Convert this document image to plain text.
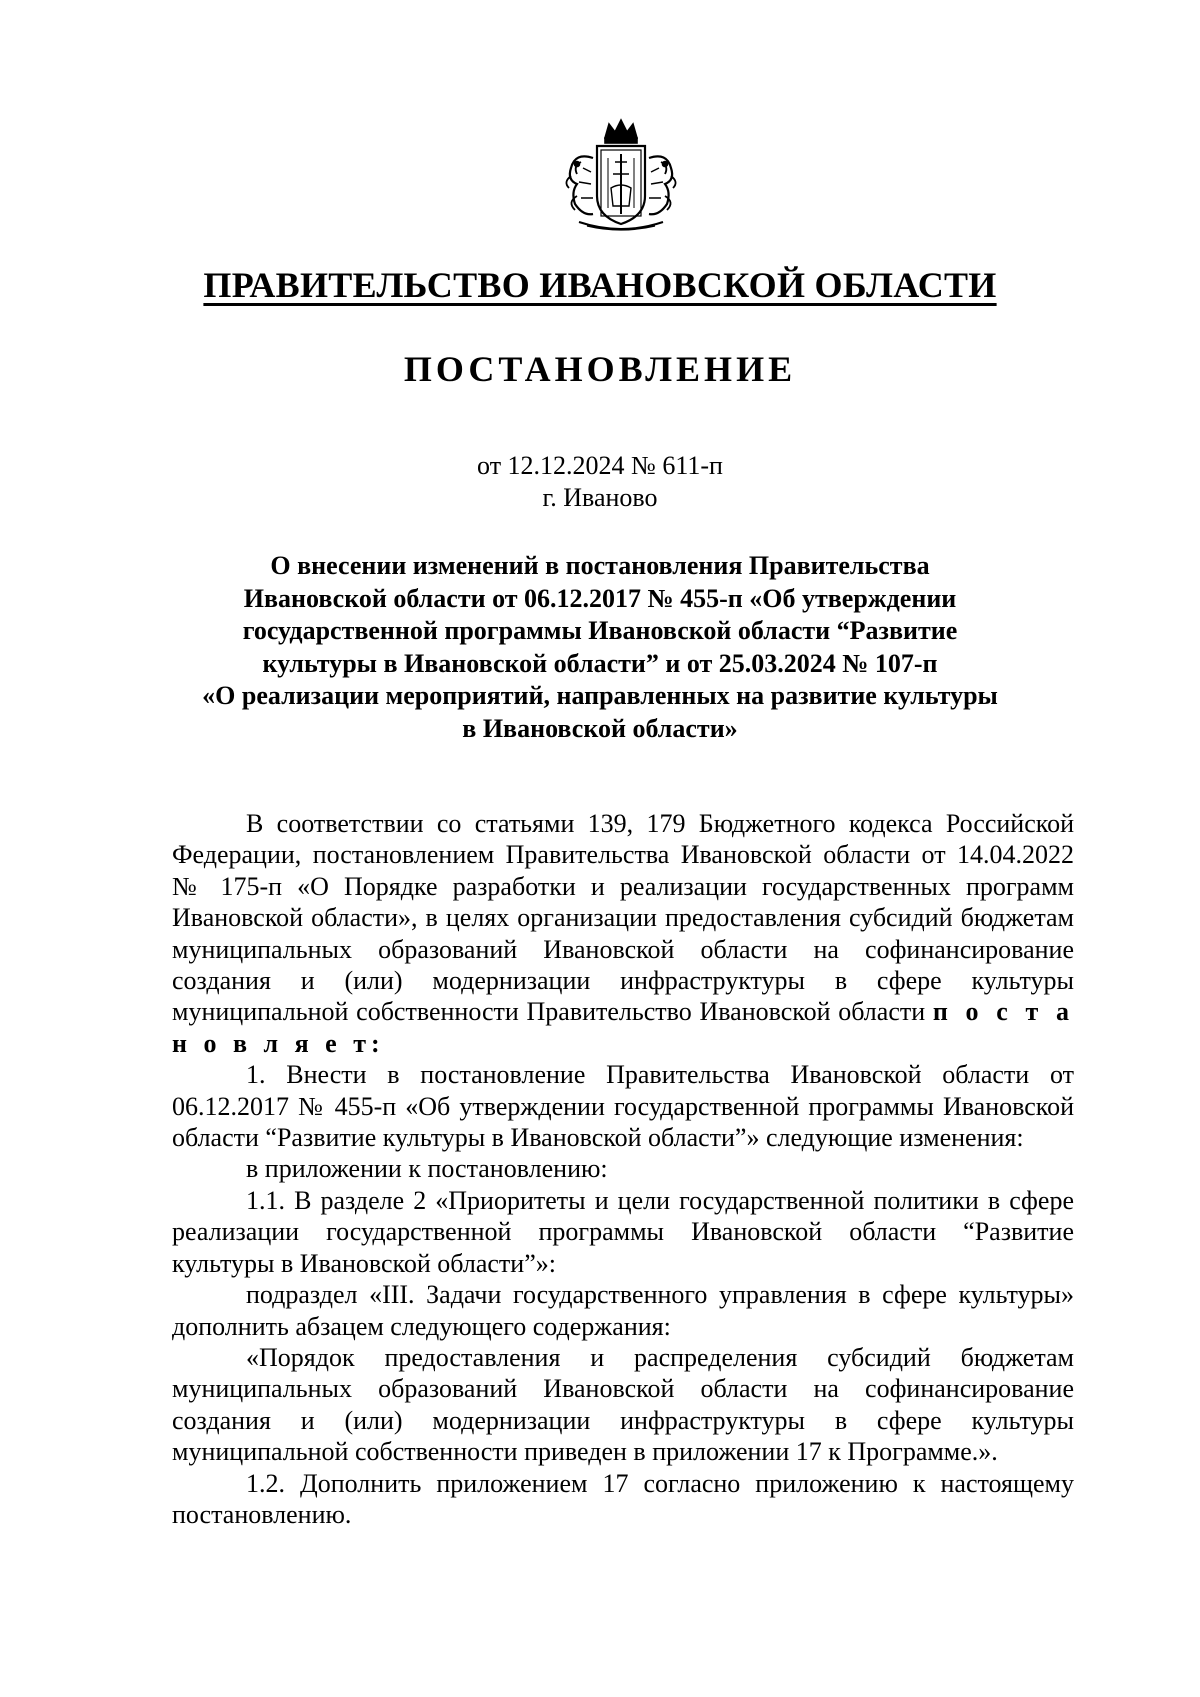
ПРАВИТЕЛЬСТВО ИВАНОВСКОЙ ОБЛАСТИ
ПОСТАНОВЛЕНИЕ
от 12.12.2024 № 611-п
г. Иваново
О внесении изменений в постановления Правительства
Ивановской области от 06.12.2017 № 455-п «Об утверждении
государственной программы Ивановской области “Развитие
культуры в Ивановской области” и от 25.03.2024 № 107-п
«О реализации мероприятий, направленных на развитие культуры
в Ивановской области»

В соответствии со статьями 139, 179 Бюджетного кодекса Российской Федерации, постановлением Правительства Ивановской области от 14.04.2022 № 175-п «О Порядке разработки и реализации государственных программ Ивановской области», в целях организации предоставления субсидий бюджетам муниципальных образований Ивановской области на софинансирование создания и (или) модернизации инфраструктуры в сфере культуры муниципальной собственности Правительство Ивановской области п о с т а н о в л я е т:

1. Внести в постановление Правительства Ивановской области от 06.12.2017 № 455-п «Об утверждении государственной программы Ивановской области “Развитие культуры в Ивановской области”» следующие изменения:

в приложении к постановлению:

1.1. В разделе 2 «Приоритеты и цели государственной политики в сфере реализации государственной программы Ивановской области “Развитие культуры в Ивановской области”»:

подраздел «III. Задачи государственного управления в сфере культуры» дополнить абзацем следующего содержания:

«Порядок предоставления и распределения субсидий бюджетам муниципальных образований Ивановской области на софинансирование создания и (или) модернизации инфраструктуры в сфере культуры муниципальной собственности приведен в приложении 17 к Программе.».

1.2. Дополнить приложением 17 согласно приложению к настоящему постановлению.
